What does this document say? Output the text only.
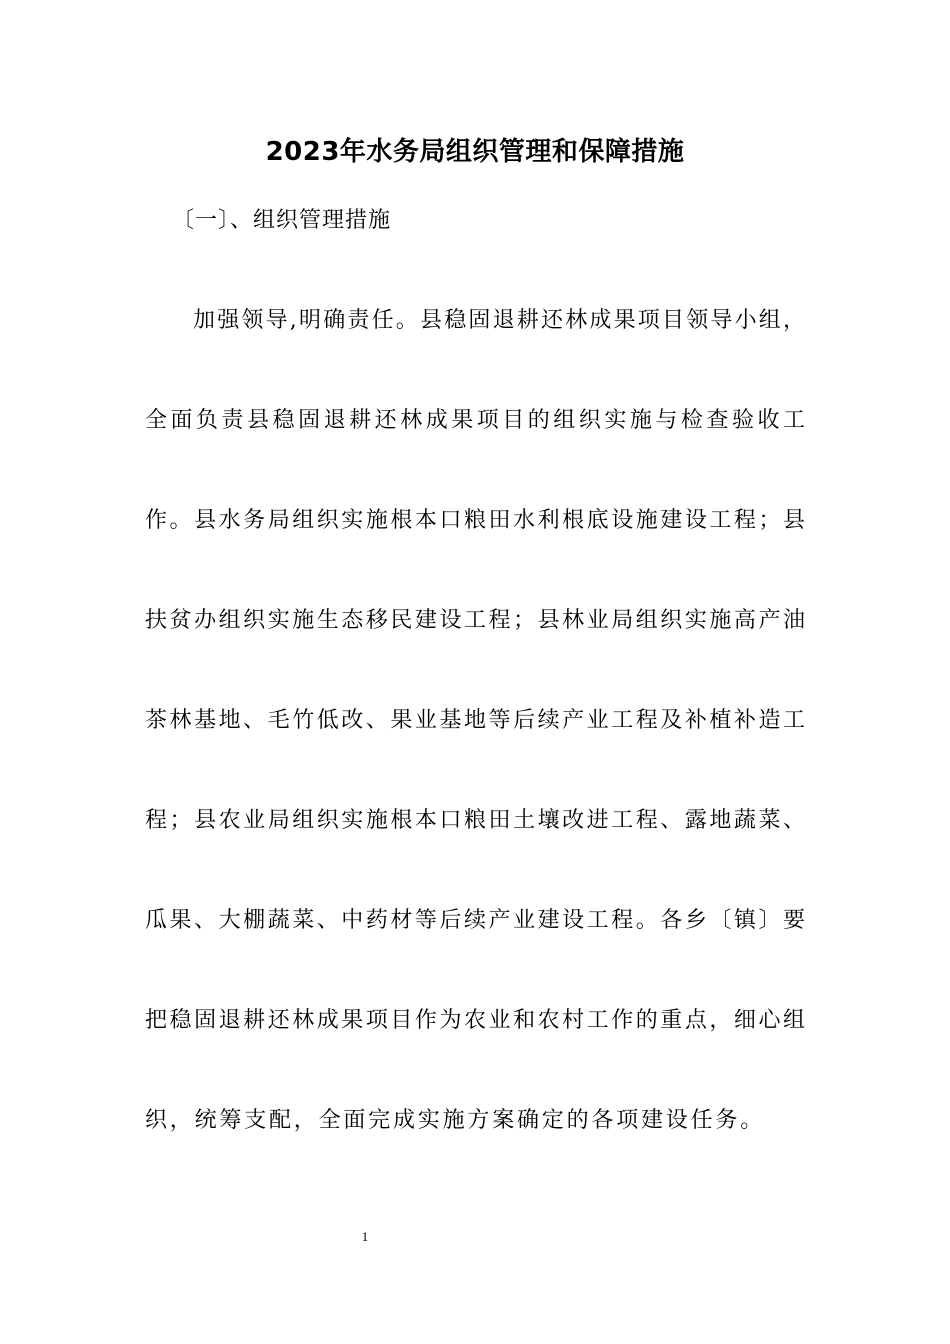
2023年水务局组织管理和保障措施
〔一〕、组织管理措施
加强领导,明确责任。县稳固退耕还林成果项目领导小组，
全面负责县稳固退耕还林成果项目的组织实施与检查验收工
作。县水务局组织实施根本口粮田水利根底设施建设工程；县
扶贫办组织实施生态移民建设工程；县林业局组织实施高产油
茶林基地、毛竹低改、果业基地等后续产业工程及补植补造工
程；县农业局组织实施根本口粮田土壤改进工程、露地蔬菜、
瓜果、大棚蔬菜、中药材等后续产业建设工程。各乡〔镇〕要
把稳固退耕还林成果项目作为农业和农村工作的重点，细心组
织，统筹支配，全面完成实施方案确定的各项建设任务。
1
